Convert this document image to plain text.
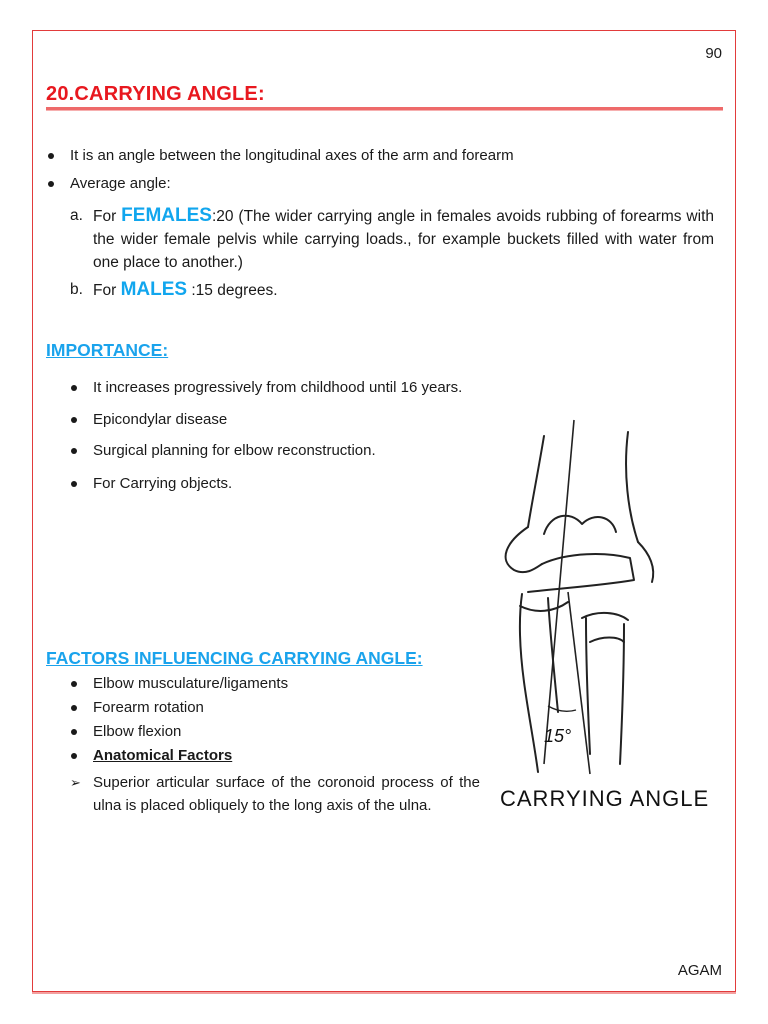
90
20.CARRYING ANGLE:
It is an angle between the longitudinal axes of the arm and forearm
Average angle:
a. For FEMALES:20 (The wider carrying angle in females avoids rubbing of forearms with the wider female pelvis while carrying loads., for example buckets filled with water from one place to another.)
b. For MALES :15 degrees.
IMPORTANCE:
It increases progressively from childhood until 16 years.
Epicondylar disease
Surgical planning for elbow reconstruction.
For Carrying objects.
FACTORS INFLUENCING CARRYING ANGLE:
Elbow musculature/ligaments
Forearm rotation
Elbow flexion
Anatomical Factors
➢ Superior articular surface of the coronoid process of the ulna is placed obliquely to the long axis of the ulna.
15°
CARRYING ANGLE
AGAM
